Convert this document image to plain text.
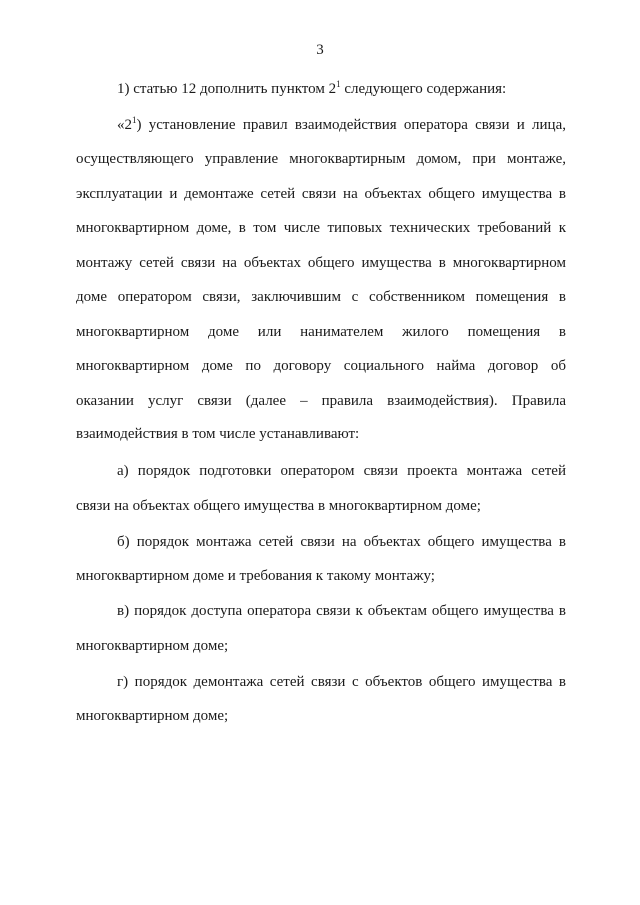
3
1) статью 12 дополнить пунктом $2^1$ следующего содержания:
«$2^1$) установление правил взаимодействия оператора связи и лица,
осуществляющего управление многоквартирным домом, при монтаже,
эксплуатации и демонтаже сетей связи на объектах общего имущества в
многоквартирном доме, в том числе типовых технических требований к
монтажу сетей связи на объектах общего имущества в многоквартирном
доме оператором связи, заключившим с собственником помещения в
многоквартирном доме или нанимателем жилого помещения в
многоквартирном доме по договору социального найма договор об
оказании услуг связи (далее – правила взаимодействия). Правила
взаимодействия в том числе устанавливают:
а) порядок подготовки оператором связи проекта монтажа сетей
связи на объектах общего имущества в многоквартирном доме;
б) порядок монтажа сетей связи на объектах общего имущества в
многоквартирном доме и требования к такому монтажу;
в) порядок доступа оператора связи к объектам общего имущества в
многоквартирном доме;
г) порядок демонтажа сетей связи с объектов общего имущества в
многоквартирном доме;
